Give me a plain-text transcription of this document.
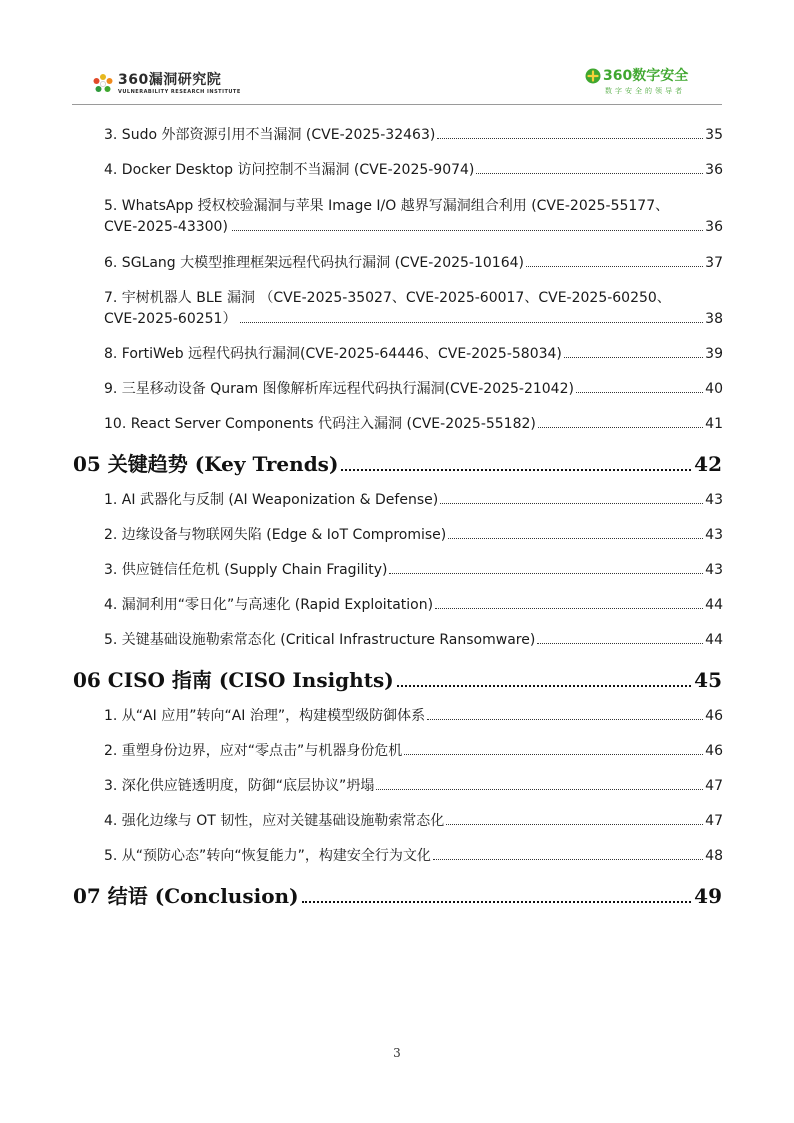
360漏洞研究院
VULNERABILITY RESEARCH INSTITUTE
360数字安全
数字安全的领导者
3. Sudo 外部资源引用不当漏洞 (CVE-2025-32463)	35
4. Docker Desktop 访问控制不当漏洞 (CVE-2025-9074)	36
5. WhatsApp 授权校验漏洞与苹果 Image I/O 越界写漏洞组合利用 (CVE-2025-55177、
CVE-2025-43300)	36
6. SGLang 大模型推理框架远程代码执行漏洞 (CVE-2025-10164)	37
7. 宇树机器人 BLE 漏洞 （CVE-2025-35027、CVE-2025-60017、CVE-2025-60250、
CVE-2025-60251）	38
8. FortiWeb 远程代码执行漏洞(CVE-2025-64446、CVE-2025-58034)	39
9. 三星移动设备 Quram 图像解析库远程代码执行漏洞(CVE-2025-21042)	40
10. React Server Components 代码注入漏洞 (CVE-2025-55182)	41
05 关键趋势 (Key Trends)	42
1. AI 武器化与反制 (AI Weaponization & Defense)	43
2. 边缘设备与物联网失陷 (Edge & IoT Compromise)	43
3. 供应链信任危机 (Supply Chain Fragility)	43
4. 漏洞利用“零日化”与高速化 (Rapid Exploitation)	44
5. 关键基础设施勒索常态化 (Critical Infrastructure Ransomware)	44
06 CISO 指南 (CISO Insights)	45
1. 从“AI 应用”转向“AI 治理”，构建模型级防御体系	46
2. 重塑身份边界，应对“零点击”与机器身份危机	46
3. 深化供应链透明度，防御“底层协议”坍塌	47
4. 强化边缘与 OT 韧性，应对关键基础设施勒索常态化	47
5. 从“预防心态”转向“恢复能力”，构建安全行为文化	48
07 结语 (Conclusion)	49
3
